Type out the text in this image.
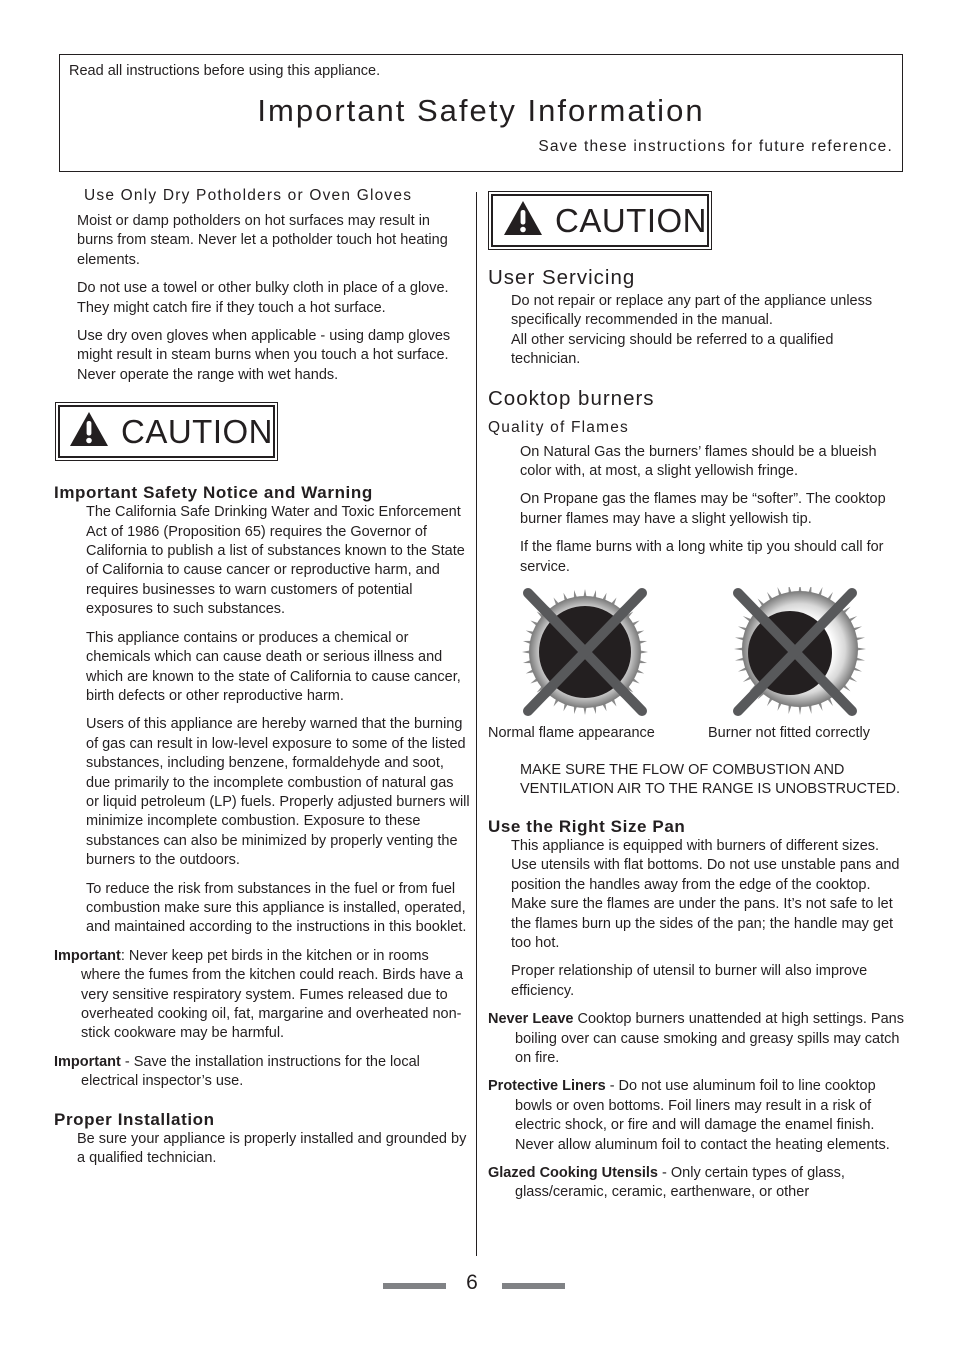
Read all instructions before using this appliance.
Important Safety Information
Save these instructions for future reference.
Use Only Dry Potholders or Oven Gloves

Moist or damp potholders on hot surfaces may result in burns from steam. Never let a potholder touch hot heating elements.

Do not use a towel or other bulky cloth in place of a glove. They might catch fire if they touch a hot surface.

Use dry oven gloves when applicable - using damp gloves might result in steam burns when you touch a hot surface. Never operate the range with wet hands.

CAUTION
Important Safety Notice and Warning

The California Safe Drinking Water and Toxic Enforcement Act of 1986 (Proposition 65) requires the Governor of California to publish a list of substances known to the State of California to cause cancer or reproductive harm, and requires businesses to warn customers of potential exposures to such substances.

This appliance contains or produces a chemical or chemicals which can cause death or serious illness and which are known to the state of California to cause cancer, birth defects or other reproductive harm.

Users of this appliance are hereby warned that the burning of gas can result in low-level exposure to some of the listed substances, including benzene, formaldehyde and soot, due primarily to the incomplete combustion of natural gas or liquid petroleum (LP) fuels. Properly adjusted burners will minimize incomplete combustion. Exposure to these substances can also be minimized by properly venting the burners to the outdoors.

To reduce the risk from substances in the fuel or from fuel combustion make sure this appliance is installed, operated, and maintained according to the instructions in this booklet.

Important: Never keep pet birds in the kitchen or in rooms where the fumes from the kitchen could reach. Birds have a very sensitive respiratory system. Fumes released due to overheated cooking oil, fat, margarine and overheated non-stick cookware may be harmful.

Important - Save the installation instructions for the local electrical inspector’s use.

Proper Installation

Be sure your appliance is properly installed and grounded by a qualified technician.

CAUTION
User Servicing

Do not repair or replace any part of the appliance unless specifically recommended in the manual.

All other servicing should be referred to a qualified technician.

Cooktop burners
Quality of Flames

On Natural Gas the burners’ flames should be a blueish color with, at most, a slight yellowish fringe.

On Propane gas the flames may be “softer”. The cooktop burner flames may have a slight yellowish tip.

If the flame burns with a long white tip you should call for service.

Normal flame appearance	Burner not fitted correctly

MAKE SURE THE FLOW OF COMBUSTION AND VENTILATION AIR TO THE RANGE IS UNOBSTRUCTED.

Use the Right Size Pan

This appliance is equipped with burners of different sizes. Use utensils with flat bottoms. Do not use unstable pans and position the handles away from the edge of the cooktop. Make sure the flames are under the pans. It’s not safe to let the flames burn up the sides of the pan; the handle may get too hot.

Proper relationship of utensil to burner will also improve efficiency.

Never Leave Cooktop burners unattended at high settings. Pans boiling over can cause smoking and greasy spills may catch on fire.

Protective Liners - Do not use aluminum foil to line cooktop bowls or oven bottoms. Foil liners may result in a risk of electric shock, or fire and will damage the enamel finish. Never allow aluminum foil to contact the heating elements.

Glazed Cooking Utensils - Only certain types of glass, glass/ceramic, ceramic, earthenware, or other

6
